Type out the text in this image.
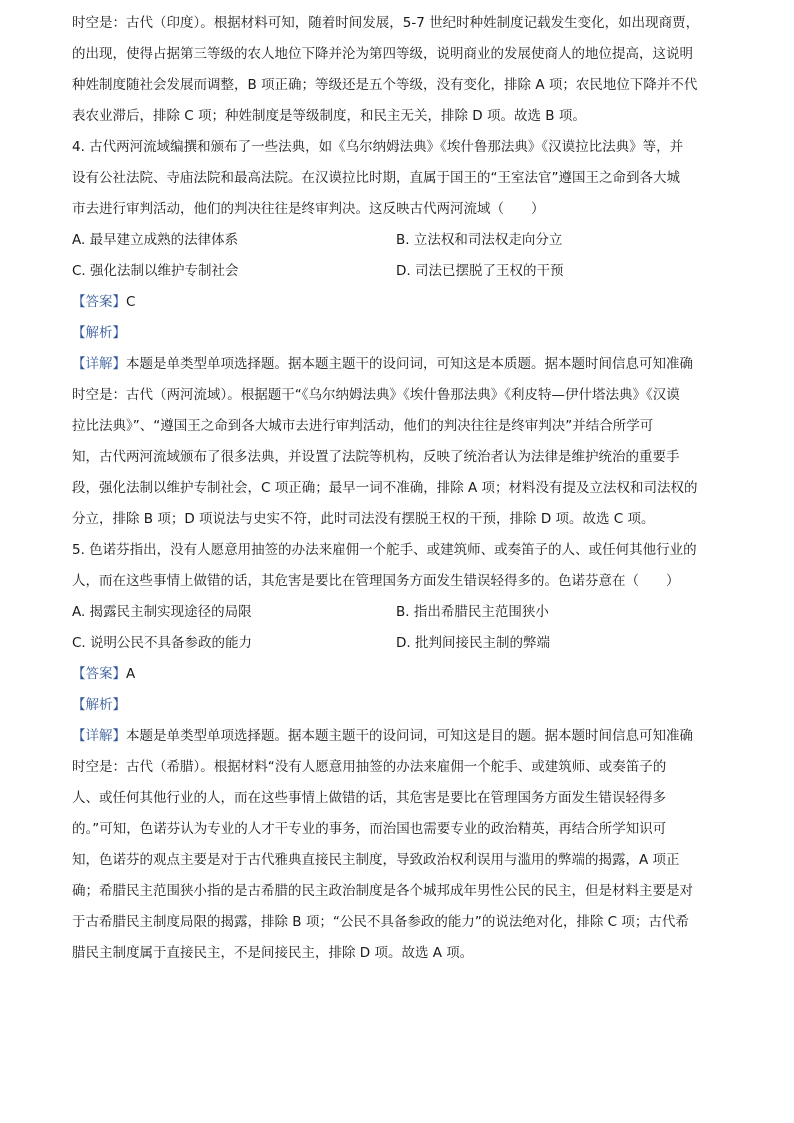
时空是：古代（印度）。根据材料可知，随着时间发展，5-7 世纪时种姓制度记载发生变化，如出现商贾，

的出现，使得占据第三等级的农人地位下降并沦为第四等级，说明商业的发展使商人的地位提高，这说明

种姓制度随社会发展而调整，B 项正确；等级还是五个等级，没有变化，排除 A 项；农民地位下降并不代

表农业滞后，排除 C 项；种姓制度是等级制度，和民主无关，排除 D 项。故选 B 项。

4. 古代两河流域编撰和颁布了一些法典，如《乌尔纳姆法典》《埃什鲁那法典》《汉谟拉比法典》等，并

设有公社法院、寺庙法院和最高法院。在汉谟拉比时期，直属于国王的“王室法官”遵国王之命到各大城

市去进行审判活动，他们的判决往往是终审判决。这反映古代两河流域（　　）

A. 最早建立成熟的法律体系	B. 立法权和司法权走向分立
C. 强化法制以维护专制社会	D. 司法已摆脱了王权的干预

【答案】C

【解析】

【详解】本题是单类型单项选择题。据本题主题干的设问词，可知这是本质题。据本题时间信息可知准确

时空是：古代（两河流域）。根据题干“《乌尔纳姆法典》《埃什鲁那法典》《利皮特—伊什塔法典》《汉谟

拉比法典》”、“遵国王之命到各大城市去进行审判活动，他们的判决往往是终审判决”并结合所学可

知，古代两河流域颁布了很多法典，并设置了法院等机构，反映了统治者认为法律是维护统治的重要手

段，强化法制以维护专制社会，C 项正确；最早一词不准确，排除 A 项；材料没有提及立法权和司法权的

分立，排除 B 项；D 项说法与史实不符，此时司法没有摆脱王权的干预，排除 D 项。故选 C 项。

5. 色诺芬指出，没有人愿意用抽签的办法来雇佣一个舵手、或建筑师、或奏笛子的人、或任何其他行业的

人，而在这些事情上做错的话，其危害是要比在管理国务方面发生错误轻得多的。色诺芬意在（　　）

A. 揭露民主制实现途径的局限	B. 指出希腊民主范围狭小
C. 说明公民不具备参政的能力	D. 批判间接民主制的弊端

【答案】A

【解析】

【详解】本题是单类型单项选择题。据本题主题干的设问词，可知这是目的题。据本题时间信息可知准确

时空是：古代（希腊）。根据材料“没有人愿意用抽签的办法来雇佣一个舵手、或建筑师、或奏笛子的

人、或任何其他行业的人，而在这些事情上做错的话，其危害是要比在管理国务方面发生错误轻得多

的。”可知，色诺芬认为专业的人才干专业的事务，而治国也需要专业的政治精英，再结合所学知识可

知，色诺芬的观点主要是对于古代雅典直接民主制度，导致政治权利误用与滥用的弊端的揭露，A 项正

确；希腊民主范围狭小指的是古希腊的民主政治制度是各个城邦成年男性公民的民主，但是材料主要是对

于古希腊民主制度局限的揭露，排除 B 项；“公民不具备参政的能力”的说法绝对化，排除 C 项；古代希

腊民主制度属于直接民主，不是间接民主，排除 D 项。故选 A 项。
